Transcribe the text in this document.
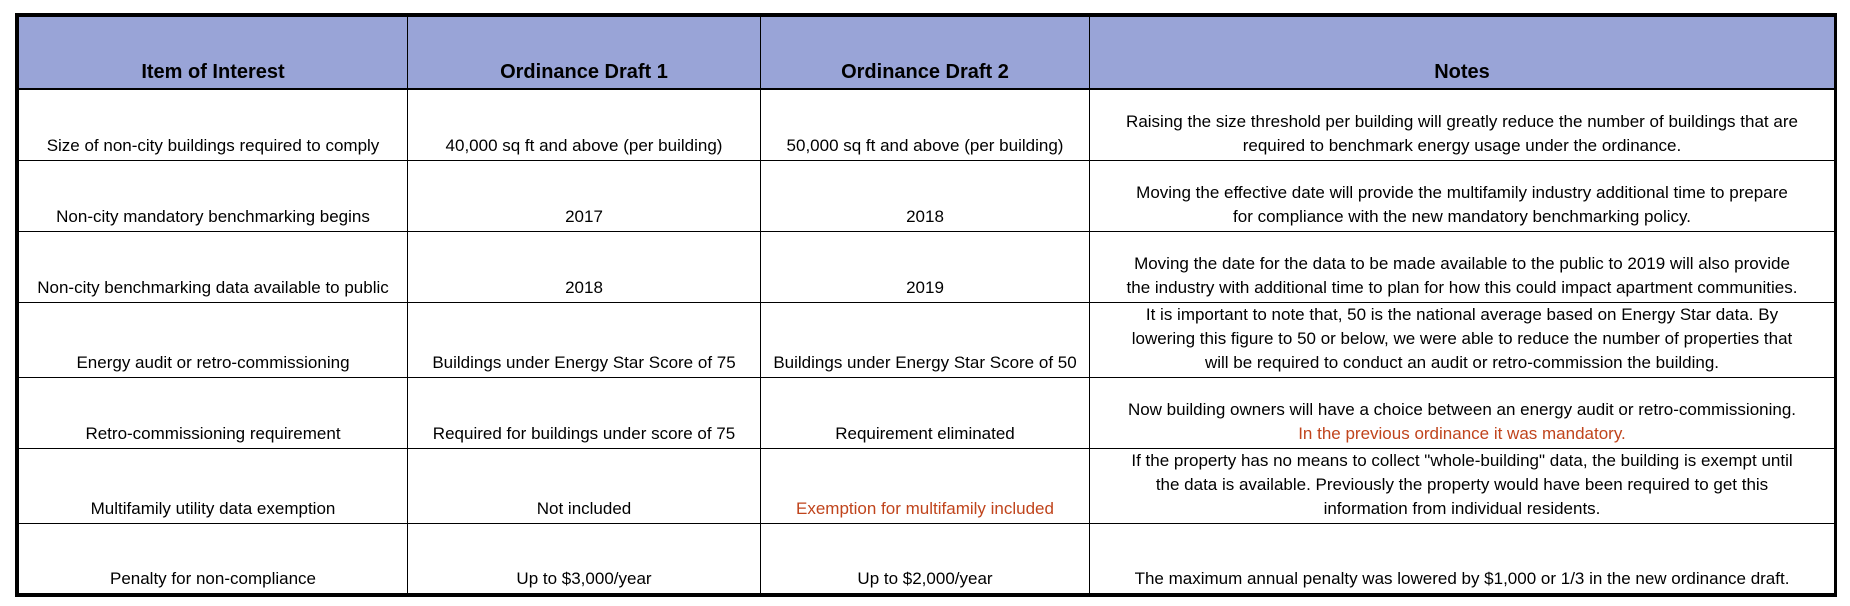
Item of Interest	Ordinance Draft 1	Ordinance Draft 2	Notes
Size of non-city buildings required to comply	40,000 sq ft and above (per building)	50,000 sq ft and above (per building)	Raising the size threshold per building will greatly reduce the number of buildings that are
required to benchmark energy usage under the ordinance.

Non-city mandatory benchmarking begins	2017	2018	Moving the effective date will provide the multifamily industry additional time to prepare
for compliance with the new mandatory benchmarking policy.

Non-city benchmarking data available to public	2018	2019	Moving the date for the data to be made available to the public to 2019 will also provide
the industry with additional time to plan for how this could impact apartment communities.

Energy audit or retro-commissioning	Buildings under Energy Star Score of 75	Buildings under Energy Star Score of 50	It is important to note that, 50 is the national average based on Energy Star data. By
lowering this figure to 50 or below, we were able to reduce the number of properties that
will be required to conduct an audit or retro-commission the building.

Retro-commissioning requirement	Required for buildings under score of 75	Requirement eliminated	Now building owners will have a choice between an energy audit or retro-commissioning.
In the previous ordinance it was mandatory.

Multifamily utility data exemption	Not included	Exemption for multifamily included	If the property has no means to collect "whole-building" data, the building is exempt until
the data is available. Previously the property would have been required to get this
information from individual residents.

Penalty for non-compliance	Up to $3,000/year	Up to $2,000/year	The maximum annual penalty was lowered by $1,000 or 1/3 in the new ordinance draft.
